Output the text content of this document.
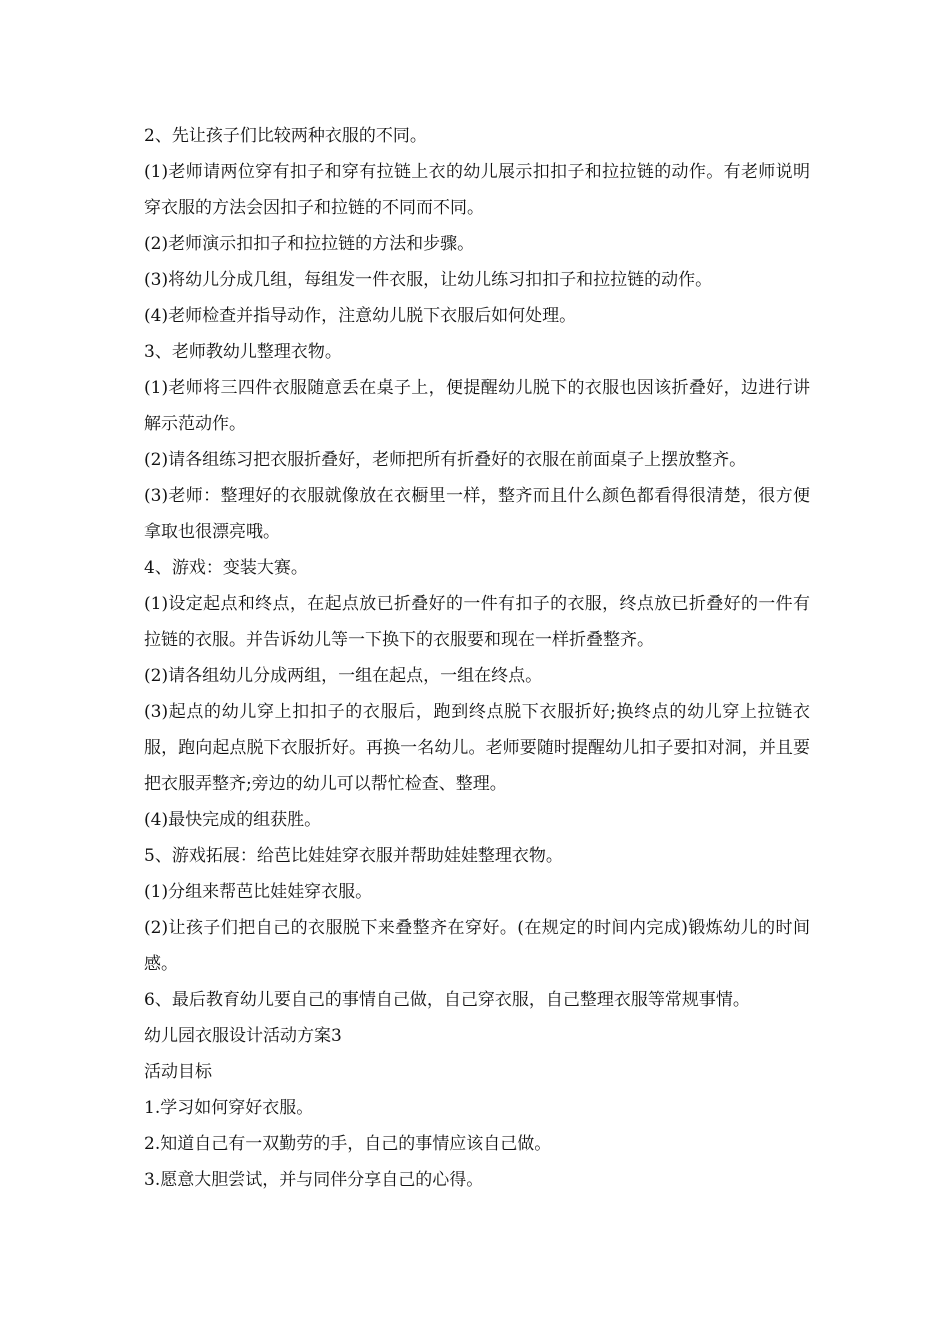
2、先让孩子们比较两种衣服的不同。

(1)老师请两位穿有扣子和穿有拉链上衣的幼儿展示扣扣子和拉拉链的动作。有老师说明穿衣服的方法会因扣子和拉链的不同而不同。

(2)老师演示扣扣子和拉拉链的方法和步骤。

(3)将幼儿分成几组，每组发一件衣服，让幼儿练习扣扣子和拉拉链的动作。

(4)老师检查并指导动作，注意幼儿脱下衣服后如何处理。

3、老师教幼儿整理衣物。

(1)老师将三四件衣服随意丢在桌子上，便提醒幼儿脱下的衣服也因该折叠好，边进行讲解示范动作。

(2)请各组练习把衣服折叠好，老师把所有折叠好的衣服在前面桌子上摆放整齐。

(3)老师：整理好的衣服就像放在衣橱里一样，整齐而且什么颜色都看得很清楚，很方便拿取也很漂亮哦。

4、游戏：变装大赛。

(1)设定起点和终点，在起点放已折叠好的一件有扣子的衣服，终点放已折叠好的一件有拉链的衣服。并告诉幼儿等一下换下的衣服要和现在一样折叠整齐。

(2)请各组幼儿分成两组，一组在起点，一组在终点。

(3)起点的幼儿穿上扣扣子的衣服后，跑到终点脱下衣服折好;换终点的幼儿穿上拉链衣服，跑向起点脱下衣服折好。再换一名幼儿。老师要随时提醒幼儿扣子要扣对洞，并且要把衣服弄整齐;旁边的幼儿可以帮忙检查、整理。

(4)最快完成的组获胜。

5、游戏拓展：给芭比娃娃穿衣服并帮助娃娃整理衣物。

(1)分组来帮芭比娃娃穿衣服。

(2)让孩子们把自己的衣服脱下来叠整齐在穿好。(在规定的时间内完成)锻炼幼儿的时间感。

6、最后教育幼儿要自己的事情自己做，自己穿衣服，自己整理衣服等常规事情。

幼儿园衣服设计活动方案3

活动目标

1.学习如何穿好衣服。

2.知道自己有一双勤劳的手，自己的事情应该自己做。

3.愿意大胆尝试，并与同伴分享自己的心得。
